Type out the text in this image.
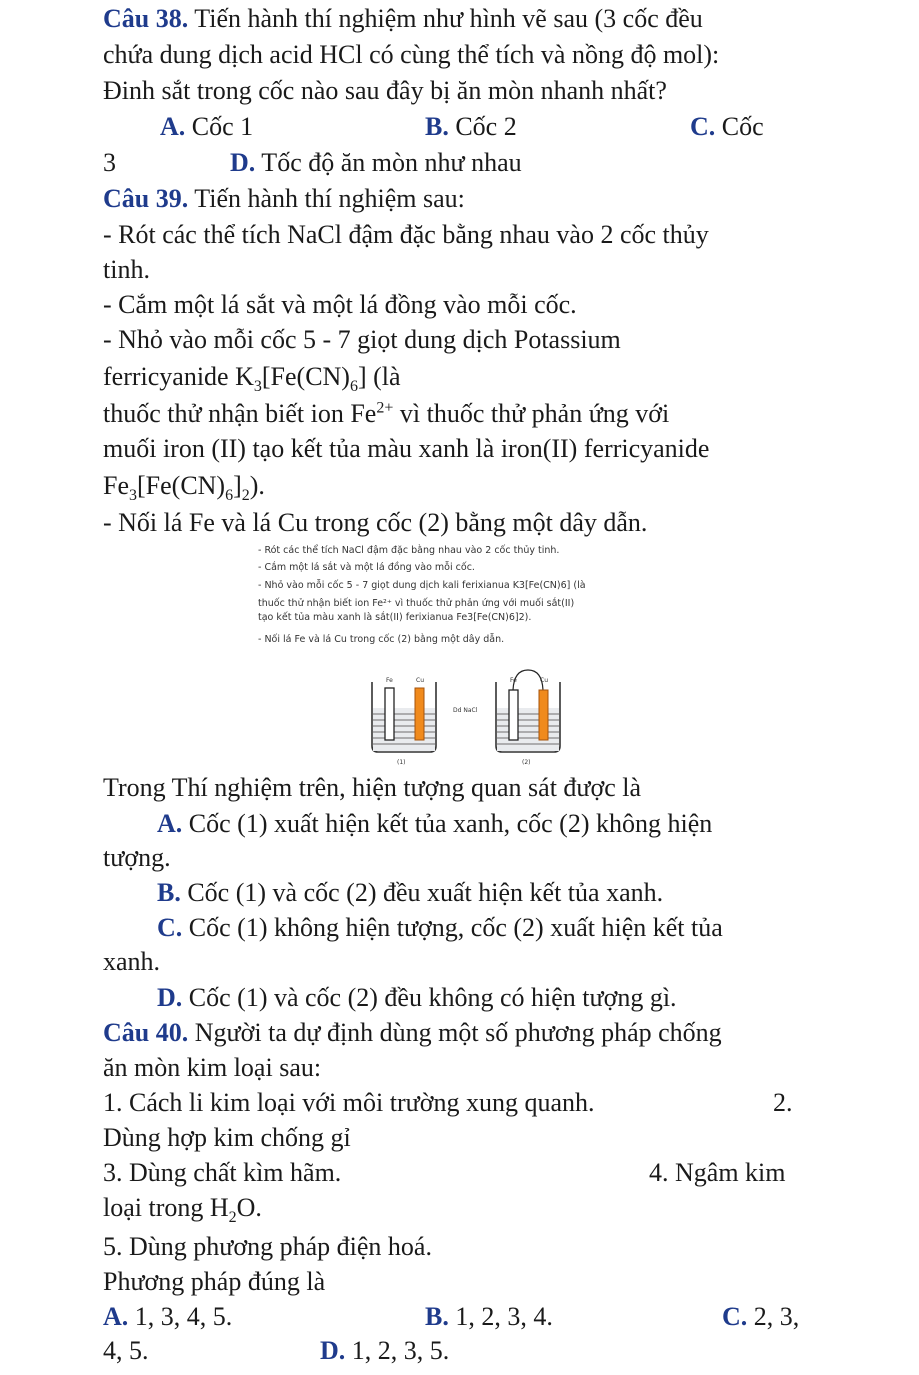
Câu 38. Tiến hành thí nghiệm như hình vẽ sau (3 cốc đều
chứa dung dịch acid HCl có cùng thể tích và nồng độ mol):
Đinh sắt trong cốc nào sau đây bị ăn mòn nhanh nhất?
A. Cốc 1	B. Cốc 2	C. Cốc
3	D. Tốc độ ăn mòn như nhau
Câu 39. Tiến hành thí nghiệm sau:
- Rót các thể tích NaCl đậm đặc bằng nhau vào 2 cốc thủy
tinh.
- Cắm một lá sắt và một lá đồng vào mỗi cốc.
- Nhỏ vào mỗi cốc 5 - 7 giọt dung dịch Potassium
ferricyanide $K_3[Fe(CN)_6]$ (là
thuốc thử nhận biết ion $Fe^{2+}$ vì thuốc thử phản ứng với
muối iron (II) tạo kết tủa màu xanh là iron(II) ferricyanide
$Fe_3[Fe(CN)_6]_2$).
- Nối lá Fe và lá Cu trong cốc (2) bằng một dây dẫn.
- Rót các thể tích NaCl đậm đặc bằng nhau vào 2 cốc thủy tinh.
- Cắm một lá sắt và một lá đồng vào mỗi cốc.
- Nhỏ vào mỗi cốc 5 - 7 giọt dung dịch kali ferixianua K3[Fe(CN)6] (là
thuốc thử nhận biết ion Fe²⁺ vì thuốc thử phản ứng với muối sắt(II)
tạo kết tủa màu xanh là sắt(II) ferixianua Fe3[Fe(CN)6]2).
- Nối lá Fe và lá Cu trong cốc (2) bằng một dây dẫn.
Fe	Cu
(1)
Dd NaCl
Fe	Cu
(2)
Trong Thí nghiệm trên, hiện tượng quan sát được là
A. Cốc (1) xuất hiện kết tủa xanh, cốc (2) không hiện
tượng.
B. Cốc (1) và cốc (2) đều xuất hiện kết tủa xanh.
C. Cốc (1) không hiện tượng, cốc (2) xuất hiện kết tủa
xanh.
D. Cốc (1) và cốc (2) đều không có hiện tượng gì.
Câu 40. Người ta dự định dùng một số phương pháp chống
ăn mòn kim loại sau:
1. Cách li kim loại với môi trường xung quanh.	2.
Dùng hợp kim chống gỉ
3. Dùng chất kìm hãm.	4. Ngâm kim
loại trong $H_2O$.
5. Dùng phương pháp điện hoá.
Phương pháp đúng là
A. 1, 3, 4, 5.	B. 1, 2, 3, 4.	C. 2, 3,
4, 5.	D. 1, 2, 3, 5.
